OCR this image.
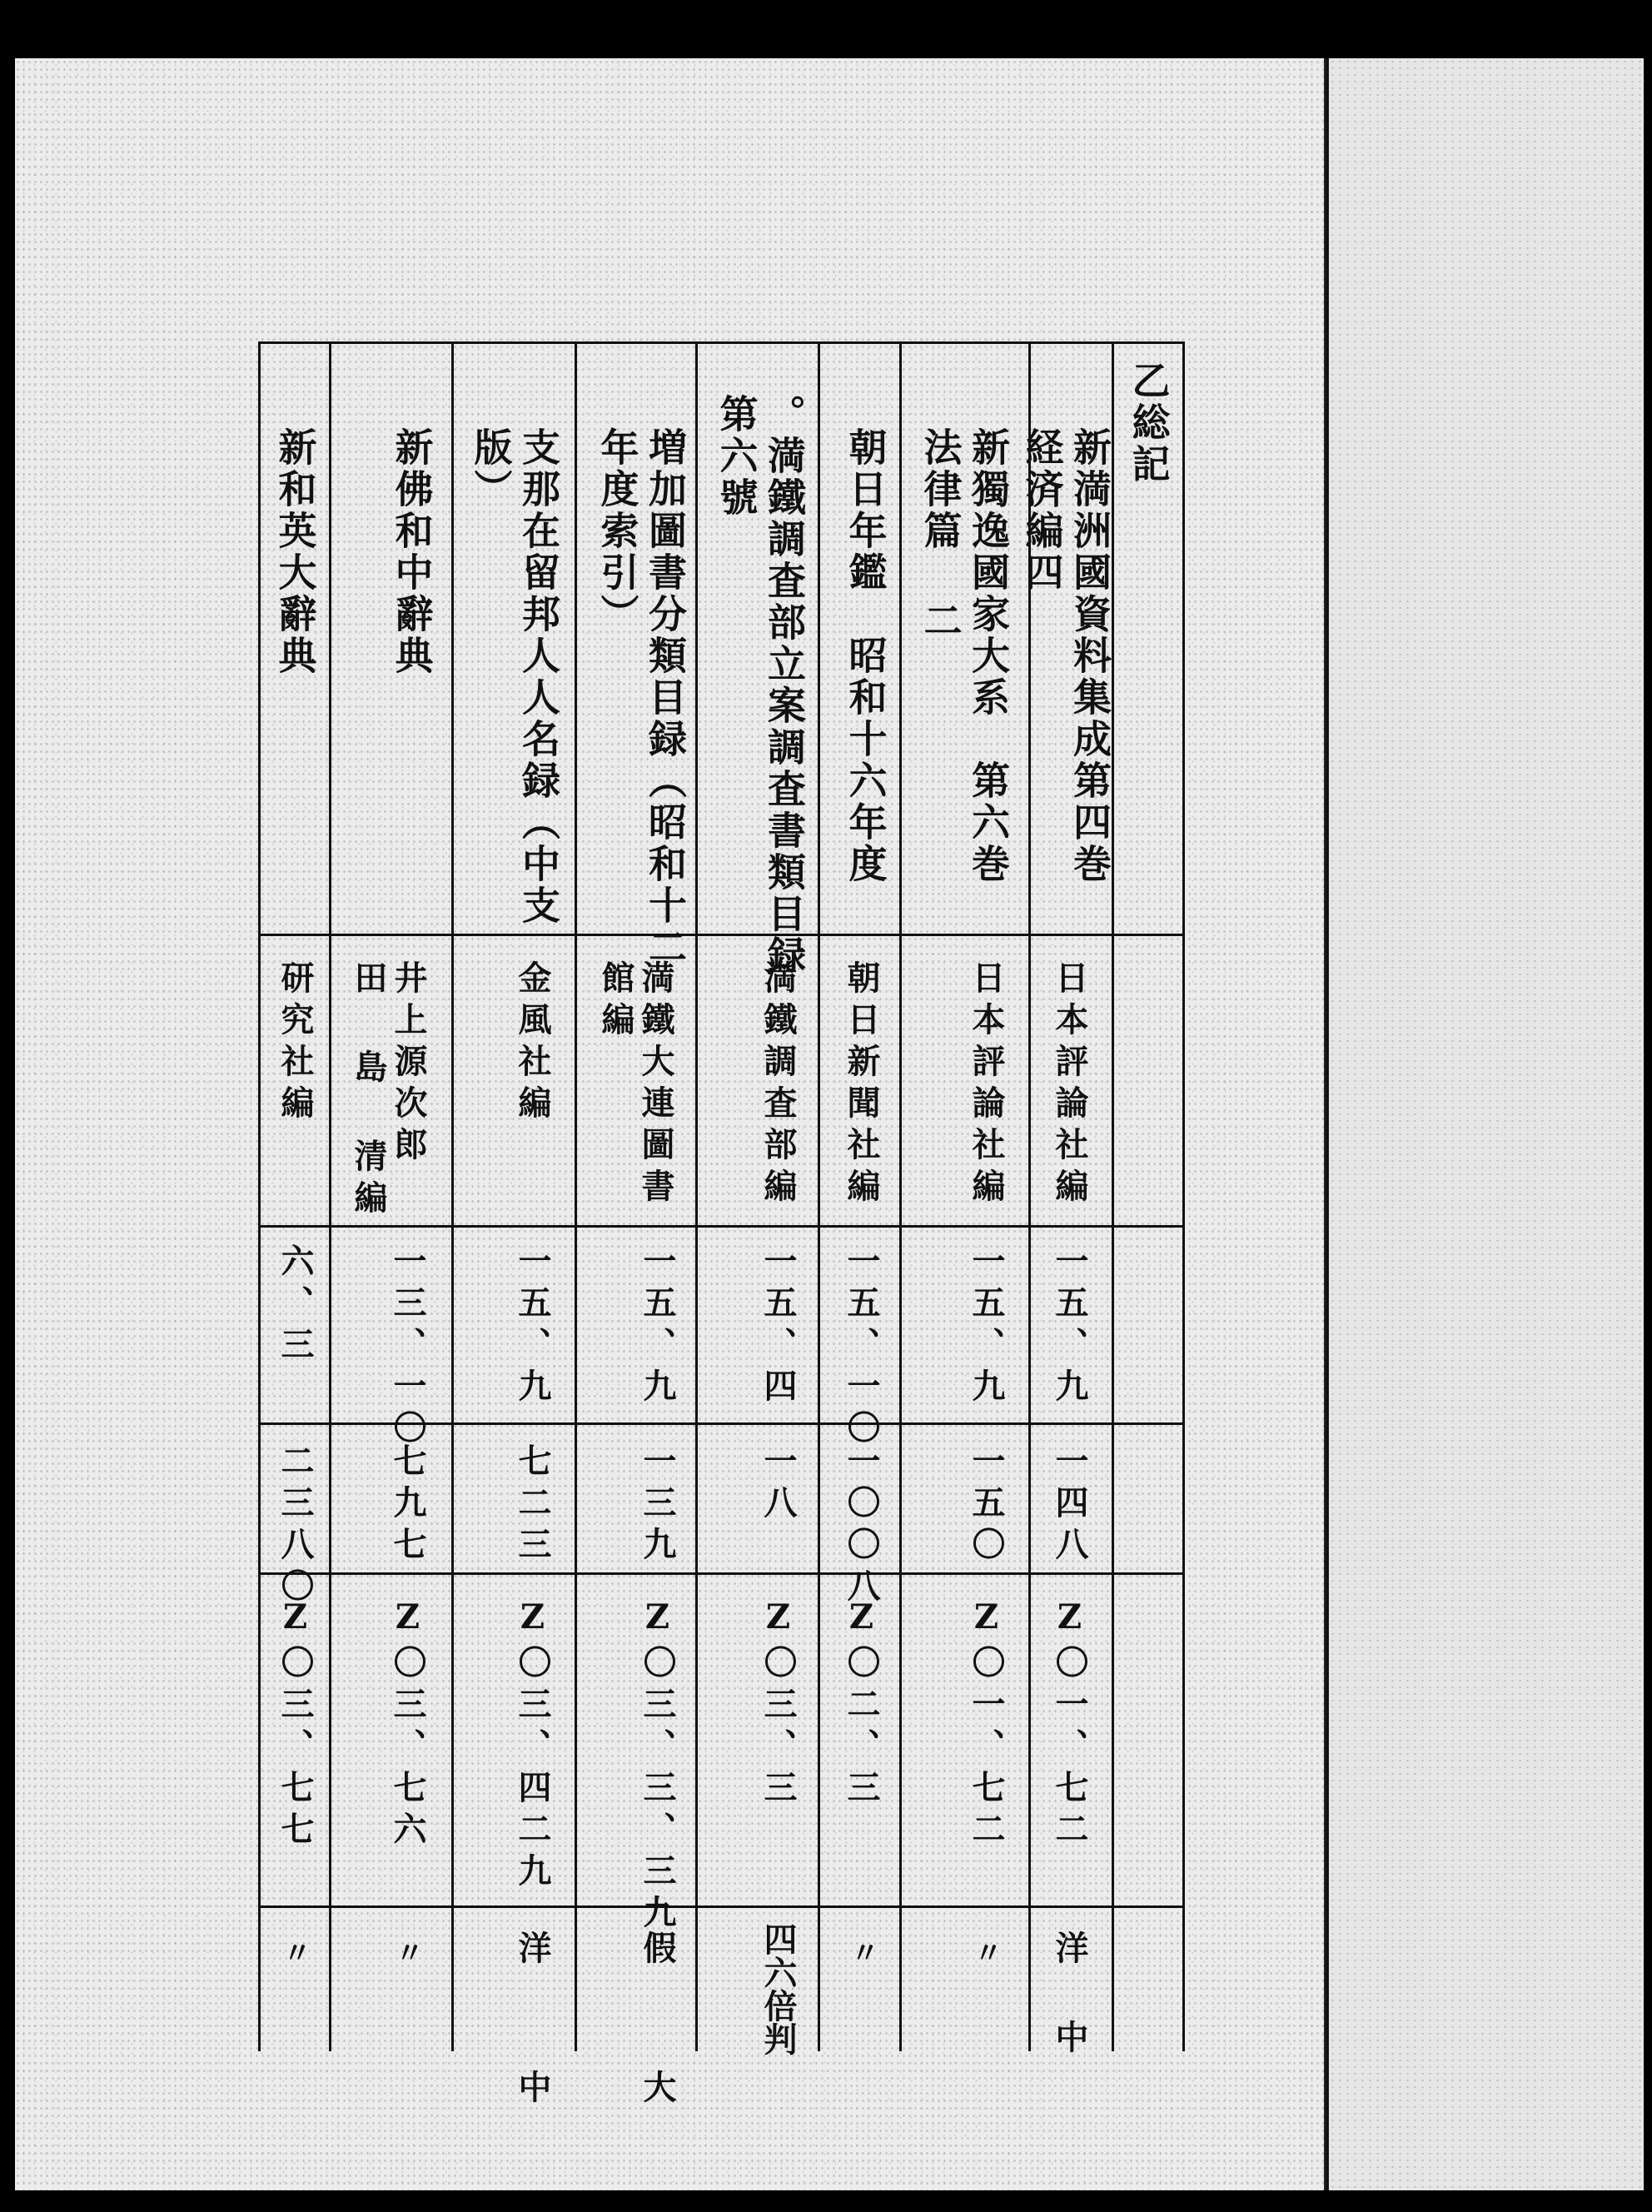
乙総記
新満洲國資料集成第四巻
経済編四
日本評論社編
一五、九
一四八
Z〇一、七二
洋 中
新獨逸國家大系　第六巻
法律篇 二
日本評論社編
一五、九
一五〇
Z〇一、七二
〃
朝日年鑑　昭和十六年度
朝日新聞社編
一五、一〇
一〇〇八
Z〇二、三
〃
。満鐵調査部立案調査書類目録
第六號
満鐵調査部編
一五、四
一八
Z〇三、三
四六倍判
増加圖書分類目録（昭和十二
年度索引）
満鐵大連圖書
館編
一五、九
一三九
Z〇三、三、三九
假 大
支那在留邦人人名録（中支
版）
金風社編
一五、九
七二三
Z〇三、四二九
洋 中
新佛和中辭典
井上源次郎
田 島 清編
一三、一〇
七九七
Z〇三、七六
〃
新和英大辭典
研究社編
六、三
二三八〇
Z〇三、七七
〃
